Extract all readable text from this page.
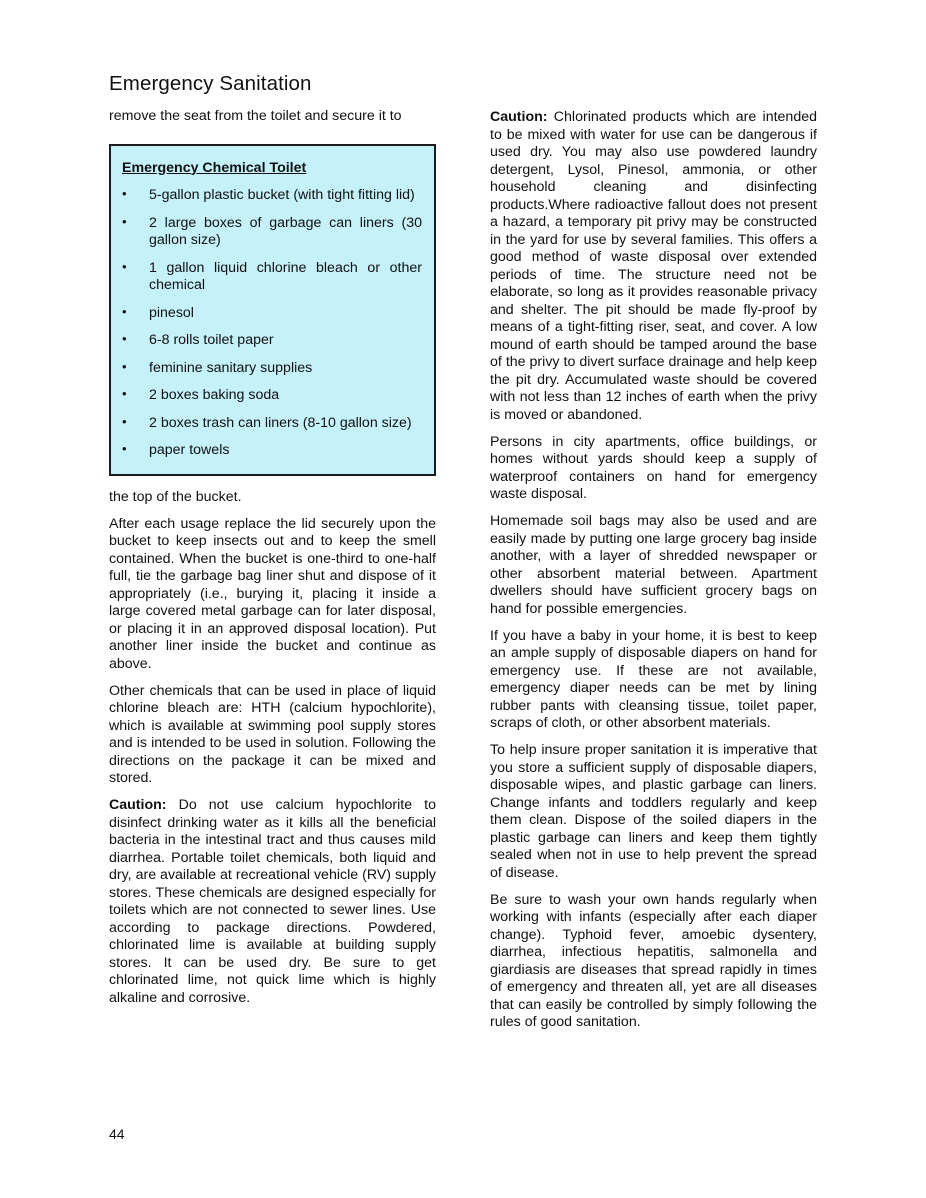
Emergency Sanitation

remove the seat from the toilet and secure it to

Emergency Chemical Toilet
• 5-gallon plastic bucket (with tight fitting lid)
• 2 large boxes of garbage can liners (30 gallon size)
• 1 gallon liquid chlorine bleach or other chemical
• pinesol
• 6-8 rolls toilet paper
• feminine sanitary supplies
• 2 boxes baking soda
• 2 boxes trash can liners (8-10 gallon size)
• paper towels

the top of the bucket.

After each usage replace the lid securely upon the bucket to keep insects out and to keep the smell contained. When the bucket is one-third to one-half full, tie the garbage bag liner shut and dispose of it appropriately (i.e., burying it, placing it inside a large covered metal garbage can for later disposal, or placing it in an approved disposal location). Put another liner inside the bucket and continue as above.

Other chemicals that can be used in place of liquid chlorine bleach are: HTH (calcium hypochlorite), which is available at swimming pool supply stores and is intended to be used in solution. Following the directions on the package it can be mixed and stored.

Caution: Do not use calcium hypochlorite to disinfect drinking water as it kills all the beneficial bacteria in the intestinal tract and thus causes mild diarrhea. Portable toilet chemicals, both liquid and dry, are available at recreational vehicle (RV) supply stores. These chemicals are designed especially for toilets which are not connected to sewer lines. Use according to package directions. Powdered, chlorinated lime is available at building supply stores. It can be used dry. Be sure to get chlorinated lime, not quick lime which is highly alkaline and corrosive.

Caution: Chlorinated products which are intended to be mixed with water for use can be dangerous if used dry. You may also use powdered laundry detergent, Lysol, Pinesol, ammonia, or other household cleaning and disinfecting products.Where radioactive fallout does not present a hazard, a temporary pit privy may be constructed in the yard for use by several families. This offers a good method of waste disposal over extended periods of time. The structure need not be elaborate, so long as it provides reasonable privacy and shelter. The pit should be made fly-proof by means of a tight-fitting riser, seat, and cover. A low mound of earth should be tamped around the base of the privy to divert surface drainage and help keep the pit dry. Accumulated waste should be covered with not less than 12 inches of earth when the privy is moved or abandoned.

Persons in city apartments, office buildings, or homes without yards should keep a supply of waterproof containers on hand for emergency waste disposal.

Homemade soil bags may also be used and are easily made by putting one large grocery bag inside another, with a layer of shredded newspaper or other absorbent material between. Apartment dwellers should have sufficient grocery bags on hand for possible emergencies.

If you have a baby in your home, it is best to keep an ample supply of disposable diapers on hand for emergency use. If these are not available, emergency diaper needs can be met by lining rubber pants with cleansing tissue, toilet paper, scraps of cloth, or other absorbent materials.

To help insure proper sanitation it is imperative that you store a sufficient supply of disposable diapers, disposable wipes, and plastic garbage can liners. Change infants and toddlers regularly and keep them clean. Dispose of the soiled diapers in the plastic garbage can liners and keep them tightly sealed when not in use to help prevent the spread of disease.

Be sure to wash your own hands regularly when working with infants (especially after each diaper change). Typhoid fever, amoebic dysentery, diarrhea, infectious hepatitis, salmonella and giardiasis are diseases that spread rapidly in times of emergency and threaten all, yet are all diseases that can easily be controlled by simply following the rules of good sanitation.

44
